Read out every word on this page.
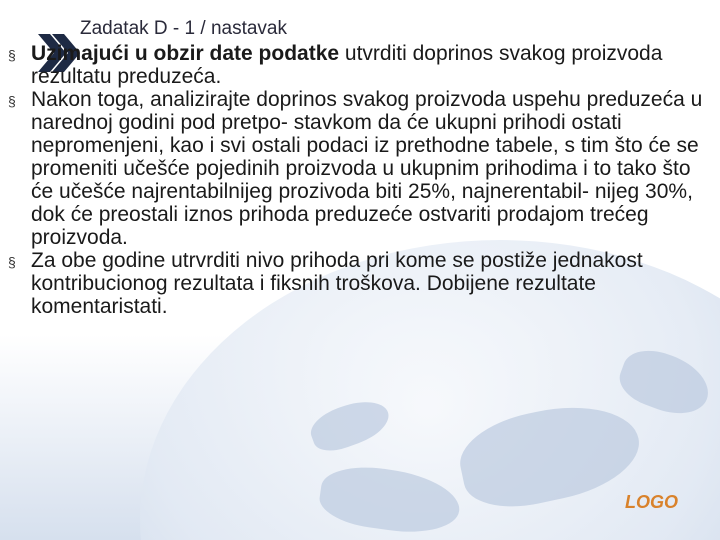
Zadatak D - 1 / nastavak
§ Uzimajući u obzir date podatke utvrditi doprinos svakog proizvoda rezultatu preduzeća.
§ Nakon toga, analizirajte doprinos svakog proizvoda uspehu preduzeća u narednoj godini pod pretpo- stavkom da će ukupni prihodi ostati nepromenjeni, kao i svi ostali podaci iz prethodne tabele, s tim što će se promeniti učešće pojedinih proizvoda u ukupnim prihodima i to tako što će učešće najrentabilnijeg prozivoda biti 25%, najnerentabil- nijeg 30%, dok će preostali iznos prihoda preduzeće ostvariti prodajom trećeg proizvoda.
§ Za obe godine utrvrditi nivo prihoda pri kome se postiže jednakost kontribucionog rezultata i fiksnih troškova. Dobijene rezultate komentaristati.
LOGO
